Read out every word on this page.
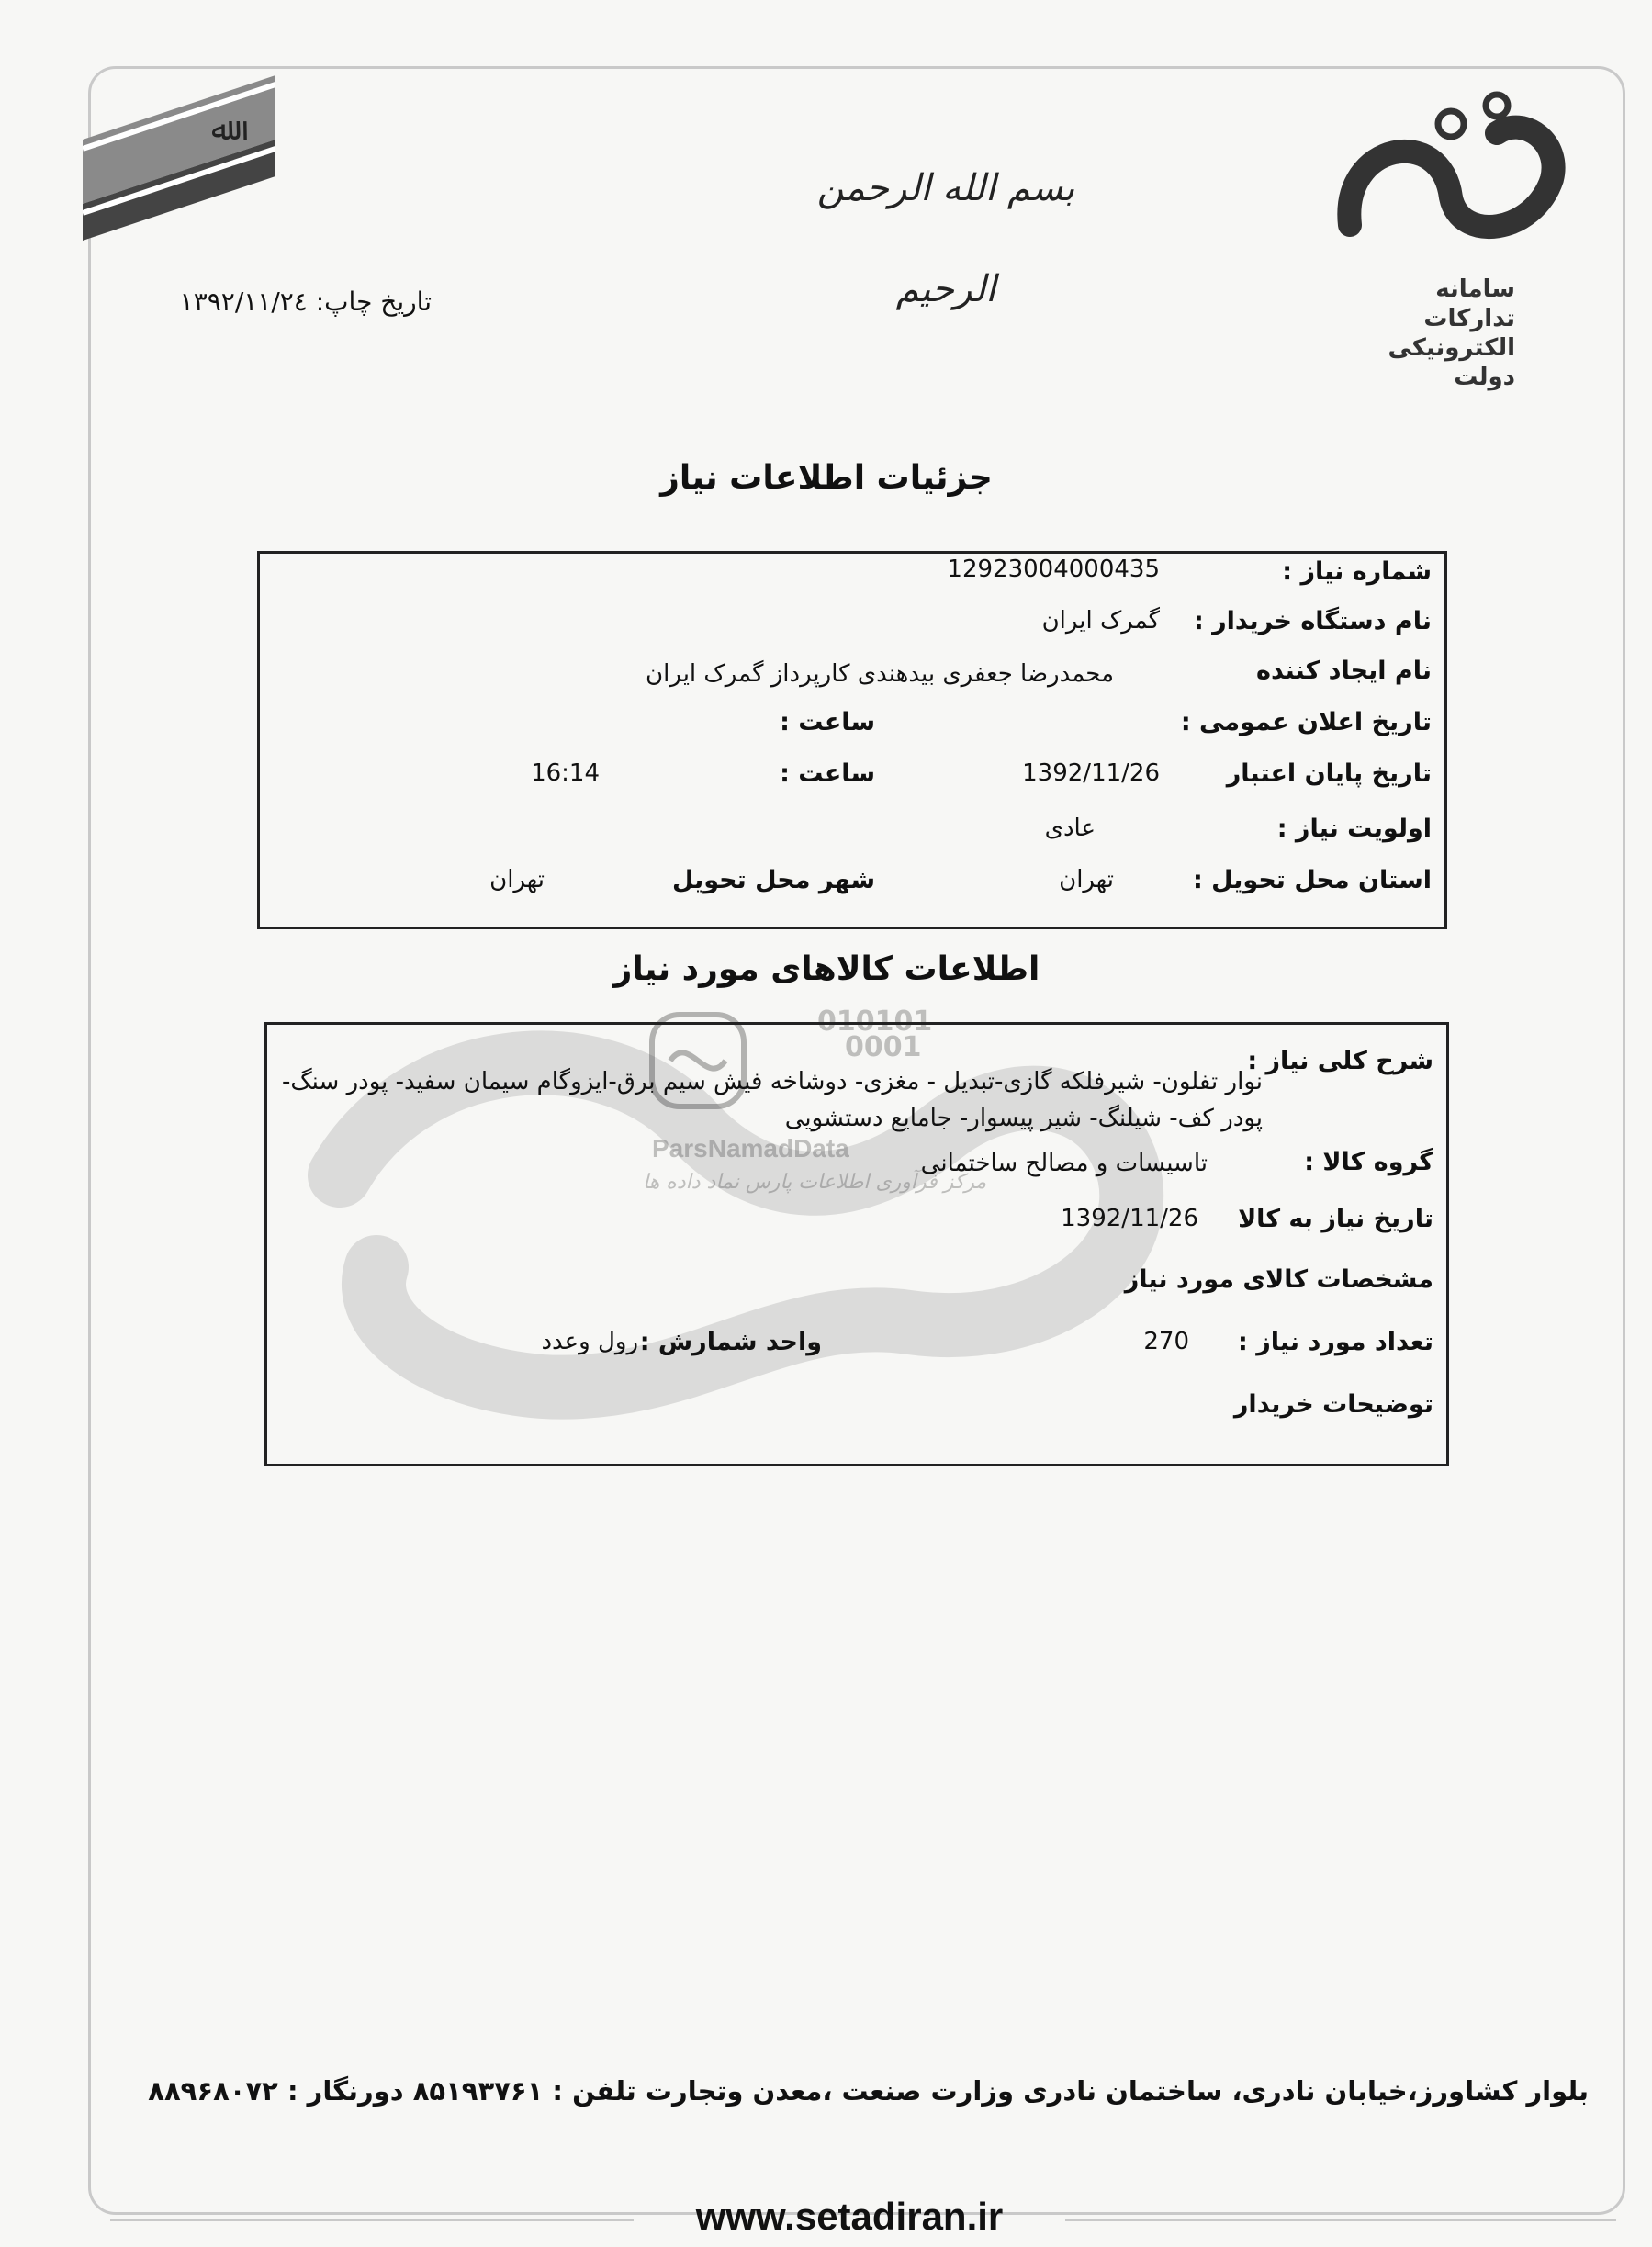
010101
0001
ParsNamadData
مرکز فرآوری اطلاعات پارس نماد داده ها
ﷲ
سامانه تدارکات الکترونیکی دولت
بسم الله الرحمن الرحیم
تاریخ چاپ: ۱۳۹۲/۱۱/۲٤
جزئیات اطلاعات نیاز
شماره نیاز :
12923004000435
نام دستگاه خریدار :
گمرک ایران
نام ایجاد کننده
محمدرضا جعفری بیدهندی کارپرداز گمرک ایران
تاریخ اعلان عمومی :
ساعت :
تاریخ پایان اعتبار
1392/11/26
ساعت :
16:14
اولویت نیاز :
عادی
استان محل تحویل :
تهران
شهر محل تحویل
تهران
اطلاعات کالاهای مورد نیاز
شرح کلی نیاز :
نوار تفلون- شیرفلکه گازی-تبدیل - مغزی- دوشاخه فیش سیم برق-ایزوگام سیمان سفید- پودر سنگ- پودر کف- شیلنگ- شیر پیسوار- جامایع دستشویی
گروه کالا :
تاسیسات و مصالح ساختمانی
تاریخ نیاز به کالا
1392/11/26
مشخصات کالای مورد نیاز
تعداد مورد نیاز :
270
واحد شمارش :
رول وعدد
توضیحات خریدار
بلوار کشاورز،خیابان نادری، ساختمان نادری وزارت صنعت ،معدن وتجارت تلفن : ۸۵۱۹۳۷۶۱ دورنگار : ۸۸۹۶۸۰۷۲
www.setadiran.ir
